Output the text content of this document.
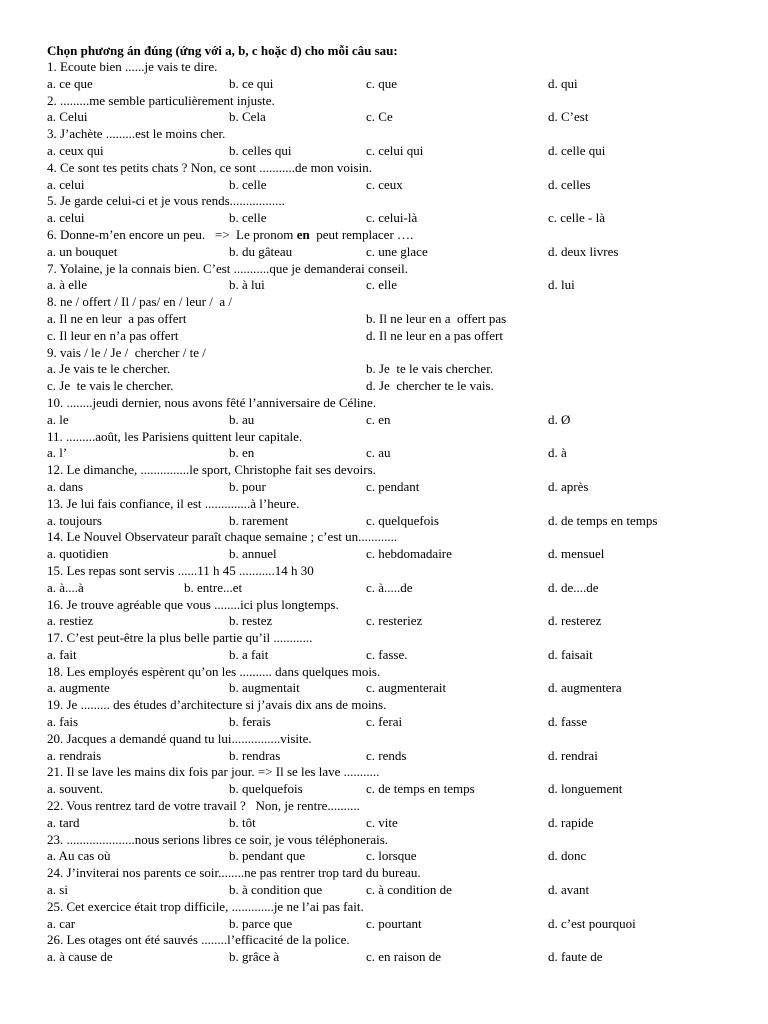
Chọn phương án đúng (ứng với a, b, c hoặc d) cho mỗi câu sau:
1. Ecoute bien ......je vais te dire.
a. ce que	b. ce qui	c. que	d. qui
2. .........me semble particulièrement injuste.
a. Celui	b. Cela	c. Ce	d. C’est
3. J’achète .........est le moins cher.
a. ceux qui	b. celles qui	c. celui qui	d. celle qui
4. Ce sont tes petits chats ? Non, ce sont ...........de mon voisin.
a. celui	b. celle	c. ceux	d. celles
5. Je garde celui-ci et je vous rends.................
a. celui	b. celle	c. celui-là	c. celle - là
6. Donne-m’en encore un peu.   =>  Le pronom en  peut remplacer ….
a. un bouquet	b. du gâteau	c. une glace	d. deux livres
7. Yolaine, je la connais bien. C’est ...........que je demanderai conseil.
a. à elle	b. à lui	c. elle	d. lui
8. ne / offert / Il / pas/ en / leur /  a /
a. Il ne en leur  a pas offert	b. Il ne leur en a  offert pas
c. Il leur en n’a pas offert	d. Il ne leur en a pas offert
9. vais / le / Je /  chercher / te /
a. Je vais te le chercher.	b. Je  te le vais chercher.
c. Je  te vais le chercher.	d. Je  chercher te le vais.
10. ........jeudi dernier, nous avons fêté l’anniversaire de Céline.
a. le	b. au	c. en	d. Ø
11. .........août, les Parisiens quittent leur capitale.
a. l’	b. en	c. au	d. à
12. Le dimanche, ...............le sport, Christophe fait ses devoirs.
a. dans	b. pour	c. pendant	d. après
13. Je lui fais confiance, il est ..............à l’heure.
a. toujours	b. rarement	c. quelquefois	d. de temps en temps
14. Le Nouvel Observateur paraît chaque semaine ; c’est un............
a. quotidien	b. annuel	c. hebdomadaire	d. mensuel
15. Les repas sont servis ......11 h 45 ...........14 h 30
a. à....à	b. entre...et	c. à.....de	d. de....de
16. Je trouve agréable que vous ........ici plus longtemps.
a. restiez	b. restez	c. resteriez	d. resterez
17. C’est peut-être la plus belle partie qu’il ............
a. fait	b. a fait	c. fasse.	d. faisait
18. Les employés espèrent qu’on les .......... dans quelques mois.
a. augmente	b. augmentait	c. augmenterait	d. augmentera
19. Je ......... des études d’architecture si j’avais dix ans de moins.
a. fais	b. ferais	c. ferai	d. fasse
20. Jacques a demandé quand tu lui...............visite.
a. rendrais	b. rendras	c. rends	d. rendrai
21. Il se lave les mains dix fois par jour. => Il se les lave ...........
a. souvent.	b. quelquefois	c. de temps en temps	d. longuement
22. Vous rentrez tard de votre travail ?   Non, je rentre..........
a. tard	b. tôt	c. vite	d. rapide
23. .....................nous serions libres ce soir, je vous téléphonerais.
a. Au cas où	b. pendant que	c. lorsque	d. donc
24. J’inviterai nos parents ce soir........ne pas rentrer trop tard du bureau.
a. si	b. à condition que	c. à condition de	d. avant
25. Cet exercice était trop difficile, .............je ne l’ai pas fait.
a. car	b. parce que	c. pourtant	d. c’est pourquoi
26. Les otages ont été sauvés ........l’efficacité de la police.
a. à cause de	b. grâce à	c. en raison de	d. faute de
